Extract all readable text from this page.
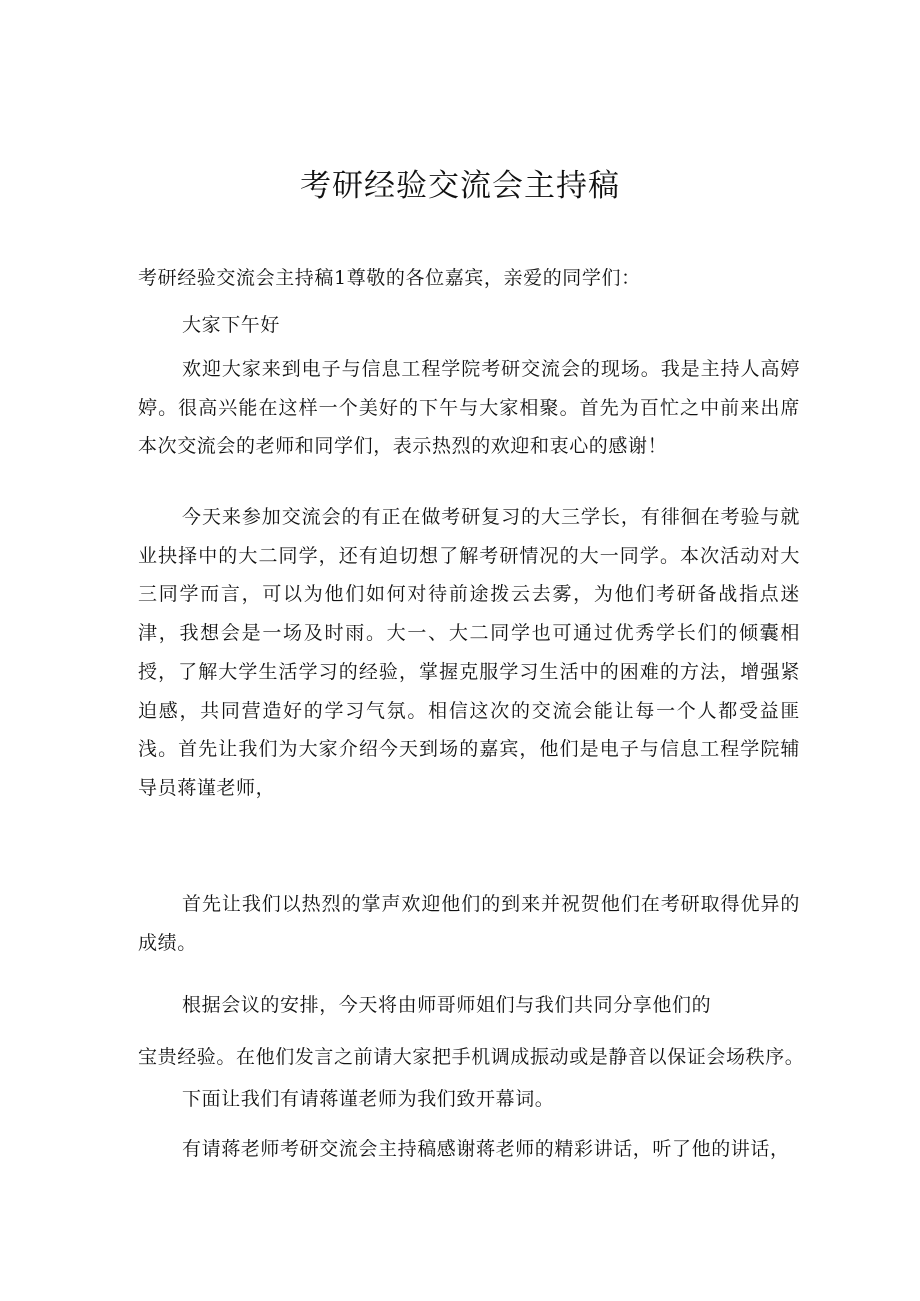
考研经验交流会主持稿

考研经验交流会主持稿1尊敬的各位嘉宾，亲爱的同学们：

大家下午好

欢迎大家来到电子与信息工程学院考研交流会的现场。我是主持人高婷婷。很高兴能在这样一个美好的下午与大家相聚。首先为百忙之中前来出席本次交流会的老师和同学们，表示热烈的欢迎和衷心的感谢！

今天来参加交流会的有正在做考研复习的大三学长，有徘徊在考验与就业抉择中的大二同学，还有迫切想了解考研情况的大一同学。本次活动对大三同学而言，可以为他们如何对待前途拨云去雾，为他们考研备战指点迷津，我想会是一场及时雨。大一、大二同学也可通过优秀学长们的倾囊相授，了解大学生活学习的经验，掌握克服学习生活中的困难的方法，增强紧迫感，共同营造好的学习气氛。相信这次的交流会能让每一个人都受益匪浅。首先让我们为大家介绍今天到场的嘉宾，他们是电子与信息工程学院辅导员蒋谨老师，

首先让我们以热烈的掌声欢迎他们的到来并祝贺他们在考研取得优异的成绩。

根据会议的安排，今天将由师哥师姐们与我们共同分享他们的

宝贵经验。在他们发言之前请大家把手机调成振动或是静音以保证会场秩序。

下面让我们有请蒋谨老师为我们致开幕词。

有请蒋老师考研交流会主持稿感谢蒋老师的精彩讲话，听了他的讲话，
